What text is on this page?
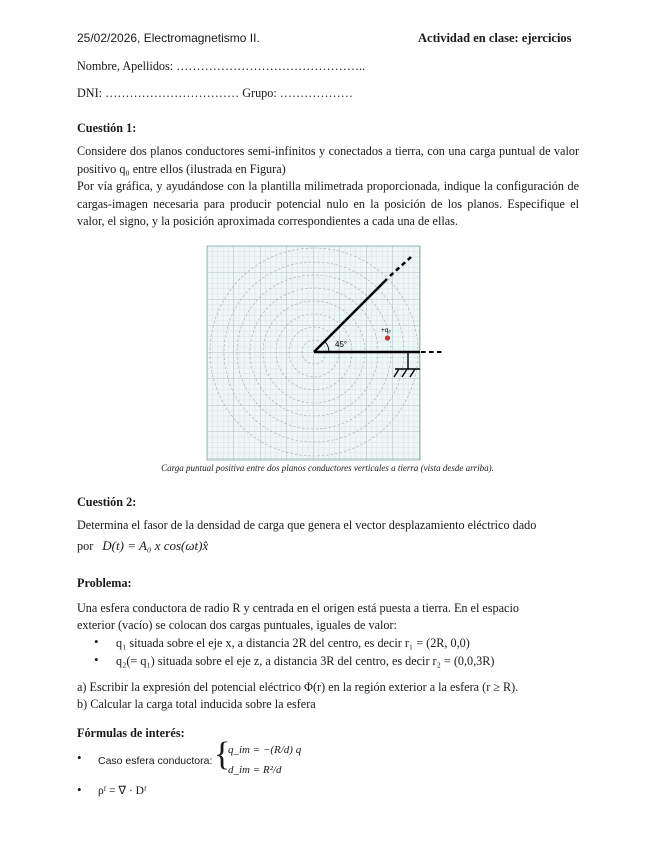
25/02/2026, Electromagnetismo II.	Actividad en clase: ejercicios
Nombre, Apellidos: ………………………………………..
DNI: …………………………… Grupo: ………………
Cuestión 1:
Considere dos planos conductores semi-infinitos y conectados a tierra, con una carga puntual de valor positivo q₀ entre ellos (ilustrada en Figura)
Por vía gráfica, y ayudándose con la plantilla milimetrada proporcionada, indique la configuración de cargas-imagen necesaria para producir potencial nulo en la posición de los planos. Especifique el valor, el signo, y la posición aproximada correspondientes a cada una de ellas.
45°
+q₀
Carga puntual positiva entre dos planos conductores verticales a tierra (vista desde arriba).
Cuestión 2:
Determina el fasor de la densidad de carga que genera el vector desplazamiento eléctrico dado
por D(t) = A₀ x cos(ωt)x̂
Problema:
Una esfera conductora de radio R y centrada en el origen está puesta a tierra. En el espacio
exterior (vacío) se colocan dos cargas puntuales, iguales de valor:
• q₁ situada sobre el eje x, a distancia 2R del centro, es decir r₁ = (2R, 0,0)
• q₂(= q₁) situada sobre el eje z, a distancia 3R del centro, es decir r₂ = (0,0,3R)
a) Escribir la expresión del potencial eléctrico Φ(r) en la región exterior a la esfera (r ≥ R).
b) Calcular la carga total inducida sobre la esfera
Fórmulas de interés:
• Caso esfera conductora: {
q_im = −(R/d) q
d_im = R²/d
• ρᶠ = ∇ · Dᶠ
